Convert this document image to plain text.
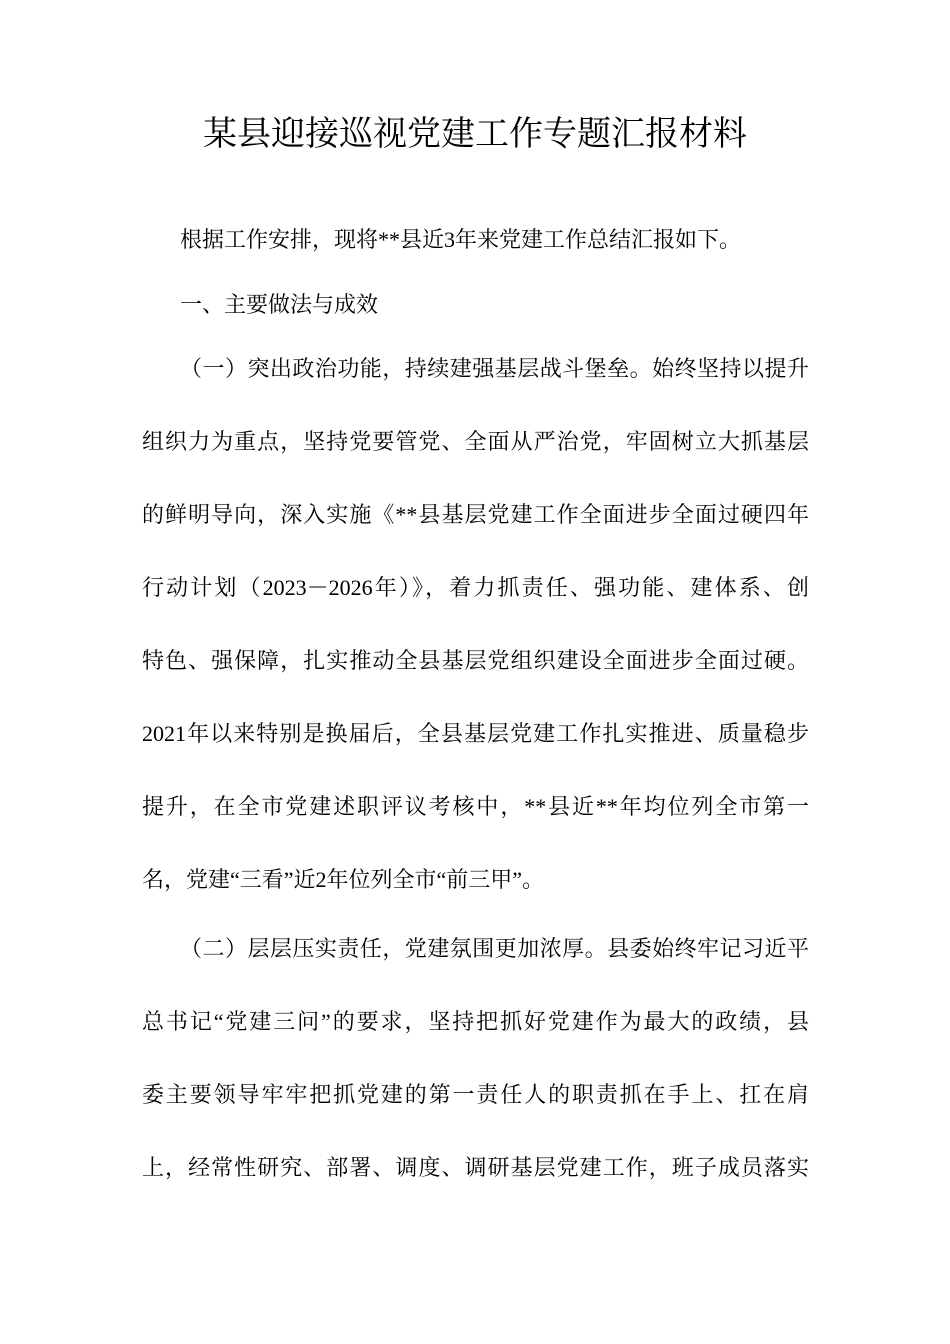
某县迎接巡视党建工作专题汇报材料
根据工作安排，现将**县近3年来党建工作总结汇报如下。
一、主要做法与成效
（一）突出政治功能，持续建强基层战斗堡垒。始终坚持以提升
组织力为重点，坚持党要管党、全面从严治党，牢固树立大抓基层
的鲜明导向，深入实施《**县基层党建工作全面进步全面过硬四年
行动计划（2023－2026年）》，着力抓责任、强功能、建体系、创
特色、强保障，扎实推动全县基层党组织建设全面进步全面过硬。
2021年以来特别是换届后，全县基层党建工作扎实推进、质量稳步
提升，在全市党建述职评议考核中，**县近**年均位列全市第一
名，党建“三看”近2年位列全市“前三甲”。
（二）层层压实责任，党建氛围更加浓厚。县委始终牢记习近平
总书记“党建三问”的要求，坚持把抓好党建作为最大的政绩，县
委主要领导牢牢把抓党建的第一责任人的职责抓在手上、扛在肩
上，经常性研究、部署、调度、调研基层党建工作，班子成员落实
